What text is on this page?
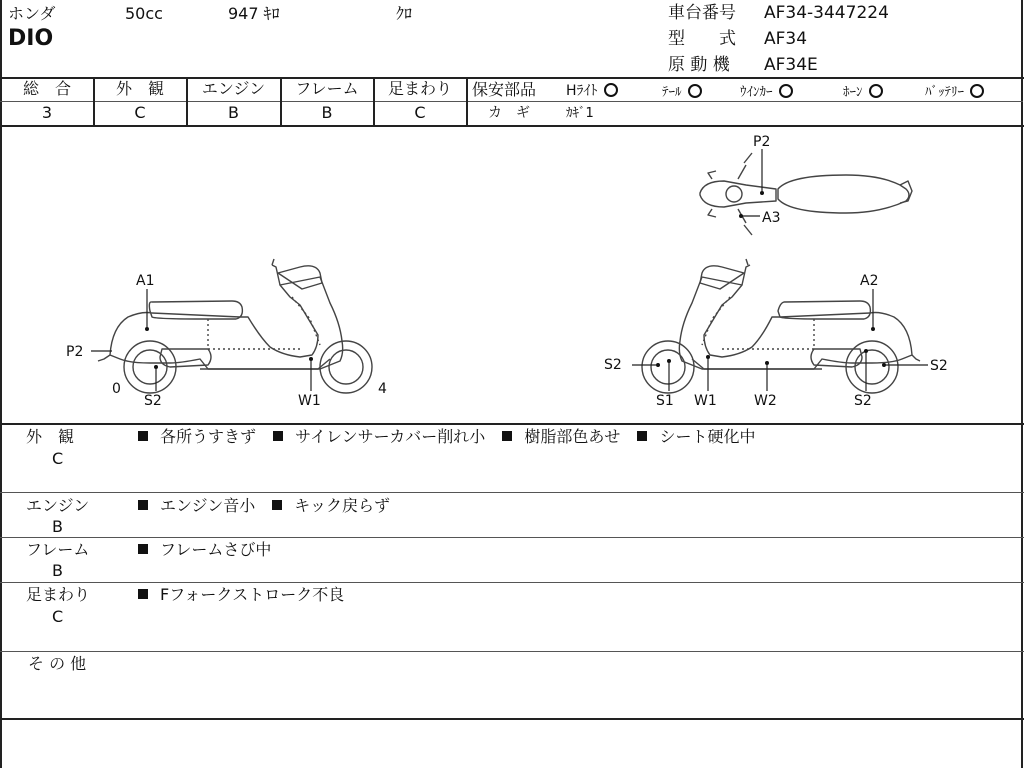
ホンダ	50cc	947 ｷﾛ	ｸﾛ
DIO
車台番号 AF34-3447224
型　　式 AF34
原 動 機 AF34E
総　合
3
外　観
C
エンジン
B
フレーム
B
足まわり
C
保安部品 Hﾗｲﾄ	ﾃｰﾙ	ｳｲﾝｶｰ	ﾎｰﾝ	ﾊﾞｯﾃﾘｰ
カ　ギ	ｶｷﾞ1
A1
P2
0
S2	W1
4
S2
S1 W1	W2	S2
A2
S2
P2
A3
外　観
C
各所うすきず サイレンサーカバー削れ小 樹脂部色あせ シート硬化中
エンジン
B
エンジン音小 キック戻らず
フレーム
B
フレームさび中
足まわり
C
Fフォークストローク不良
そ の 他
